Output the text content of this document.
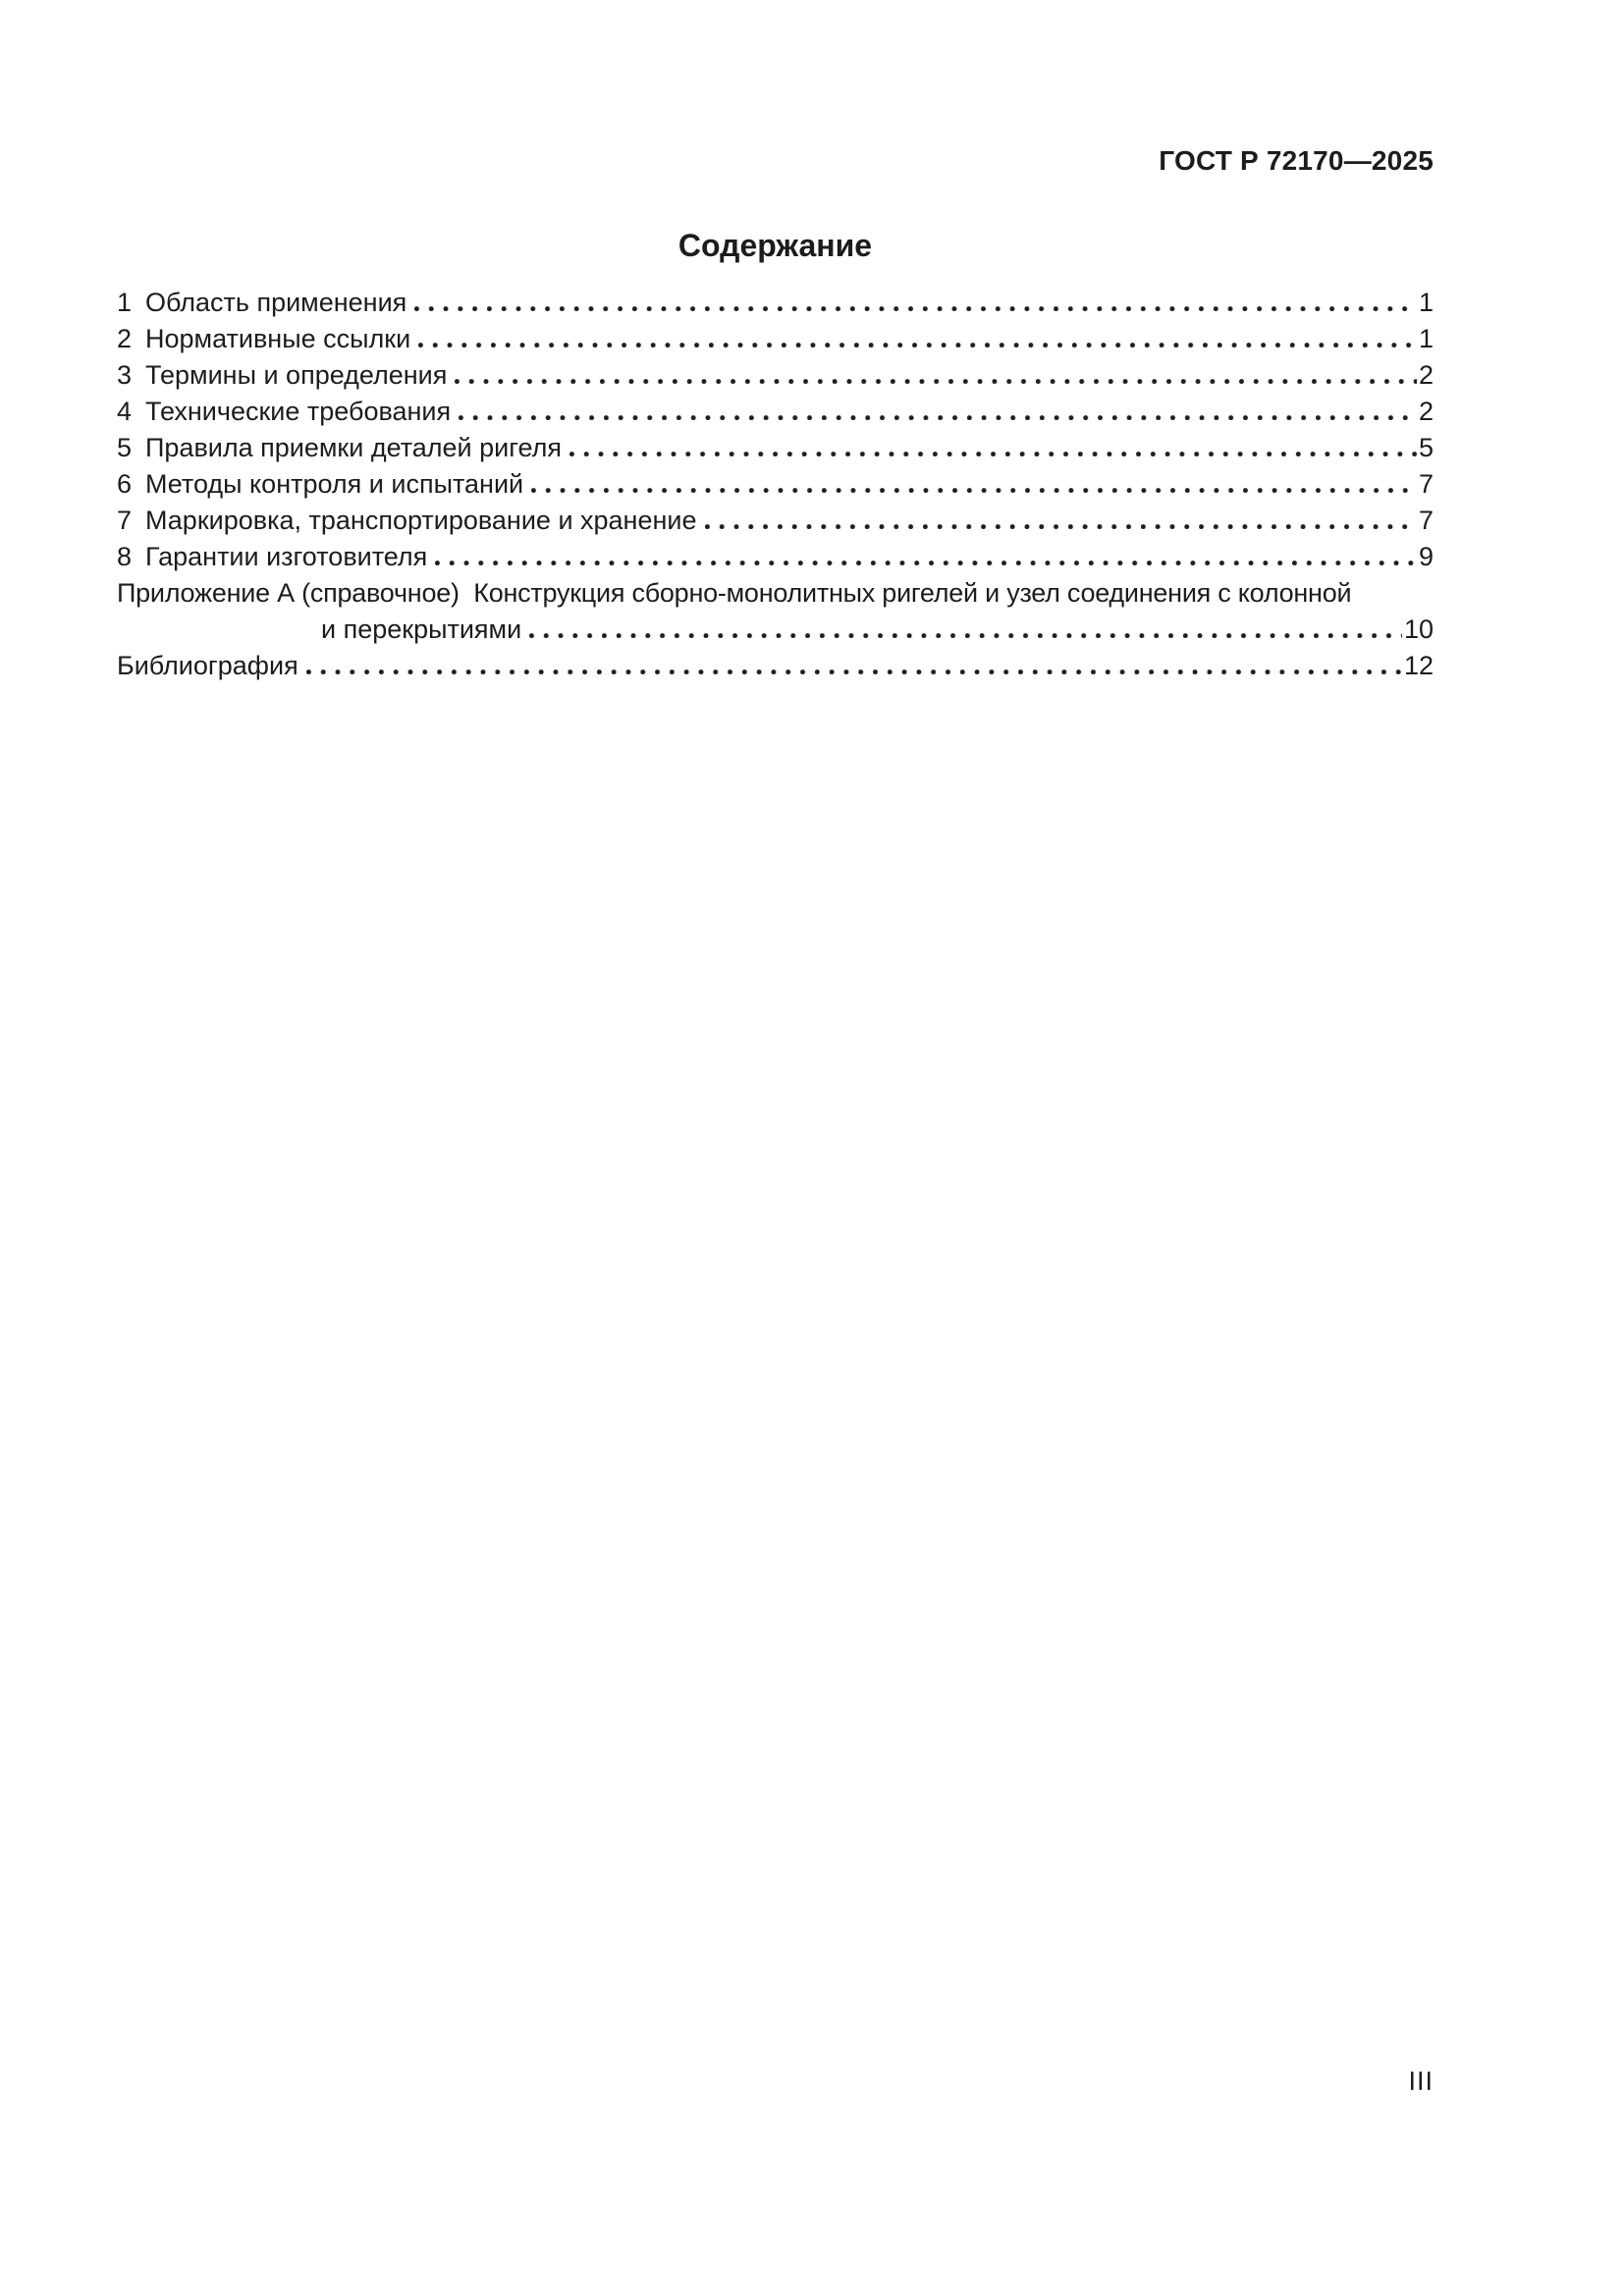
ГОСТ Р 72170—2025
Содержание
1 Область применения	1
2 Нормативные ссылки	1
3 Термины и определения	2
4 Технические требования	2
5 Правила приемки деталей ригеля	5
6 Методы контроля и испытаний	7
7 Маркировка, транспортирование и хранение	7
8 Гарантии изготовителя	9
Приложение А (справочное)  Конструкция сборно-монолитных ригелей и узел соединения с колонной
и перекрытиями	10
Библиография	12
III
